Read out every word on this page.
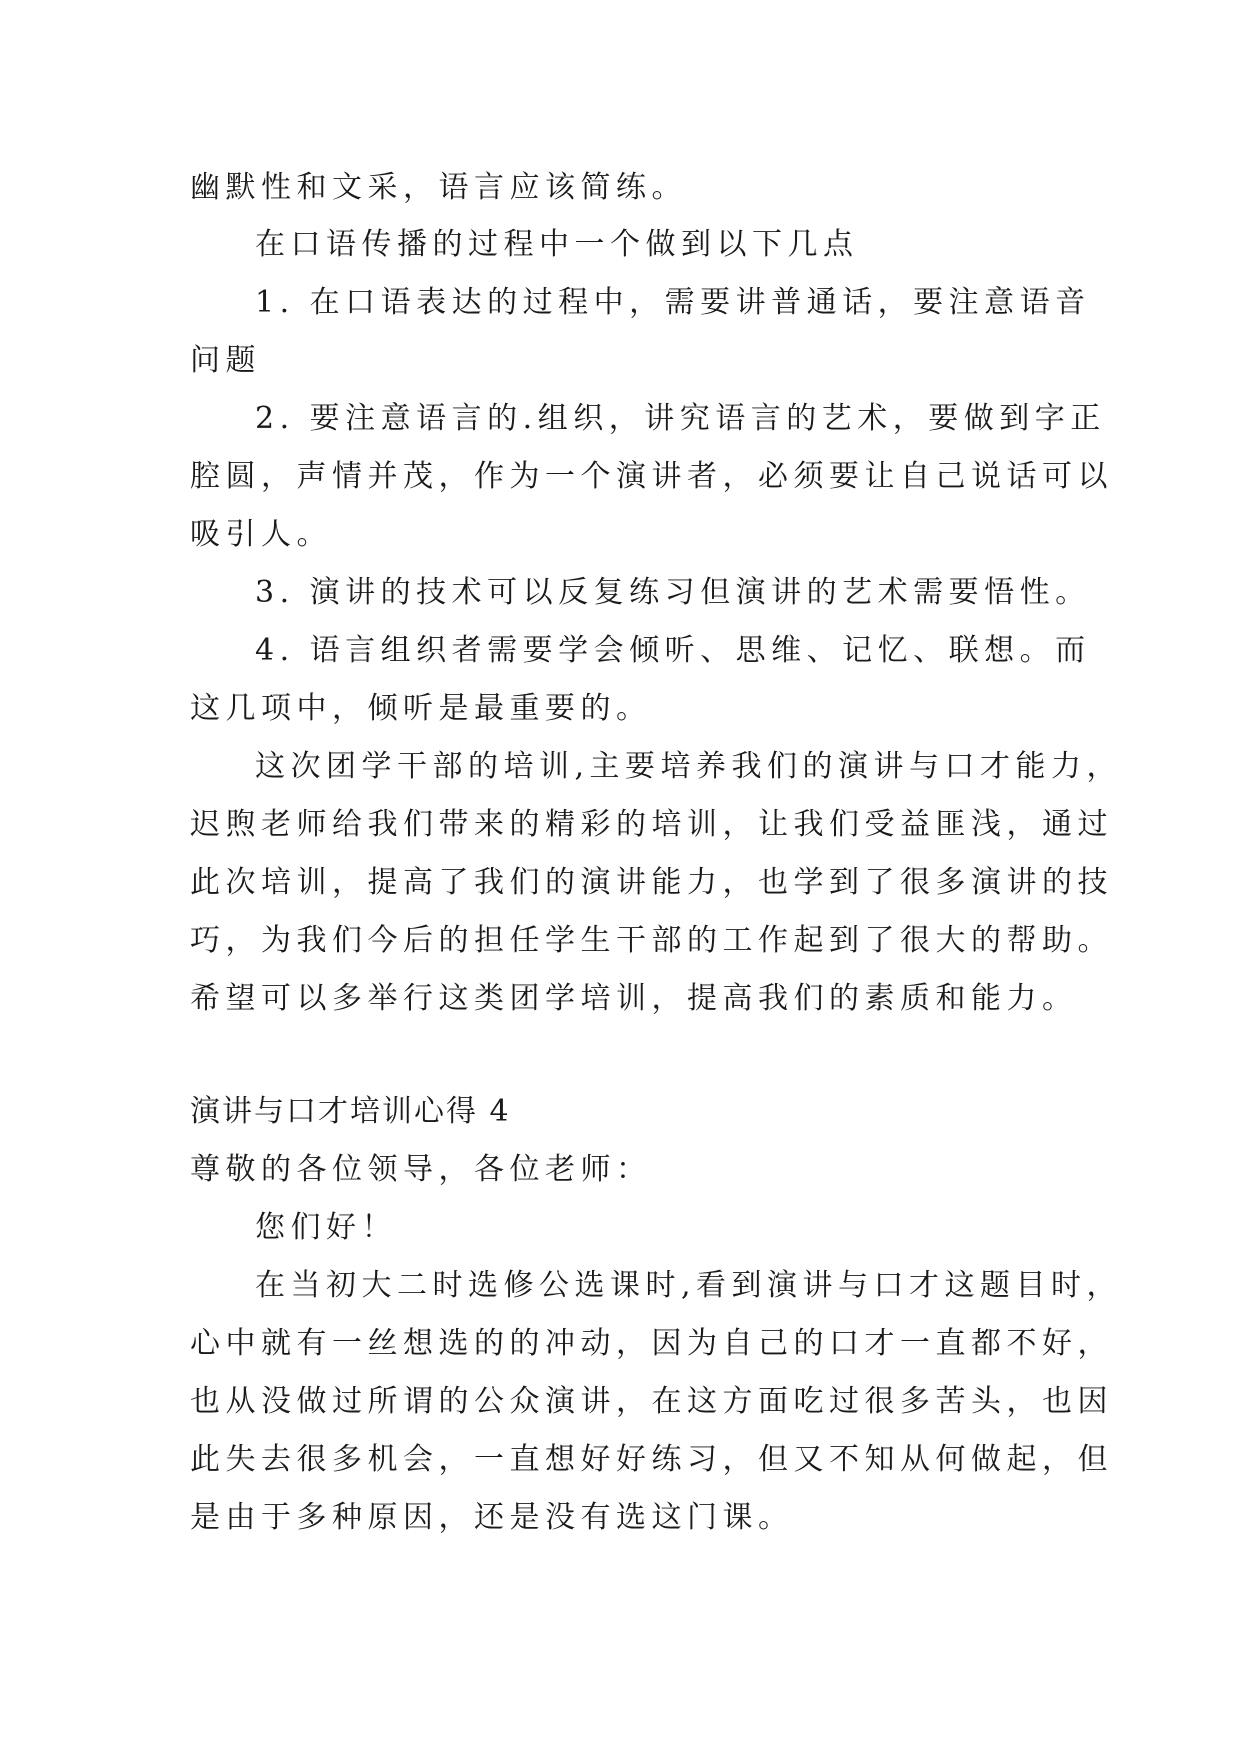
幽默性和文采，语言应该简练。
在口语传播的过程中一个做到以下几点
1. 在口语表达的过程中，需要讲普通话，要注意语音
问题
2. 要注意语言的.组织，讲究语言的艺术，要做到字正
腔圆，声情并茂，作为一个演讲者，必须要让自己说话可以
吸引人。
3. 演讲的技术可以反复练习但演讲的艺术需要悟性。
4. 语言组织者需要学会倾听、思维、记忆、联想。而
这几项中，倾听是最重要的。
这次团学干部的培训,主要培养我们的演讲与口才能力，
迟煦老师给我们带来的精彩的培训，让我们受益匪浅，通过
此次培训，提高了我们的演讲能力，也学到了很多演讲的技
巧，为我们今后的担任学生干部的工作起到了很大的帮助。
希望可以多举行这类团学培训，提高我们的素质和能力。
演讲与口才培训心得 4
尊敬的各位领导，各位老师：
您们好！
在当初大二时选修公选课时,看到演讲与口才这题目时，
心中就有一丝想选的的冲动，因为自己的口才一直都不好，
也从没做过所谓的公众演讲，在这方面吃过很多苦头，也因
此失去很多机会，一直想好好练习，但又不知从何做起，但
是由于多种原因，还是没有选这门课。
